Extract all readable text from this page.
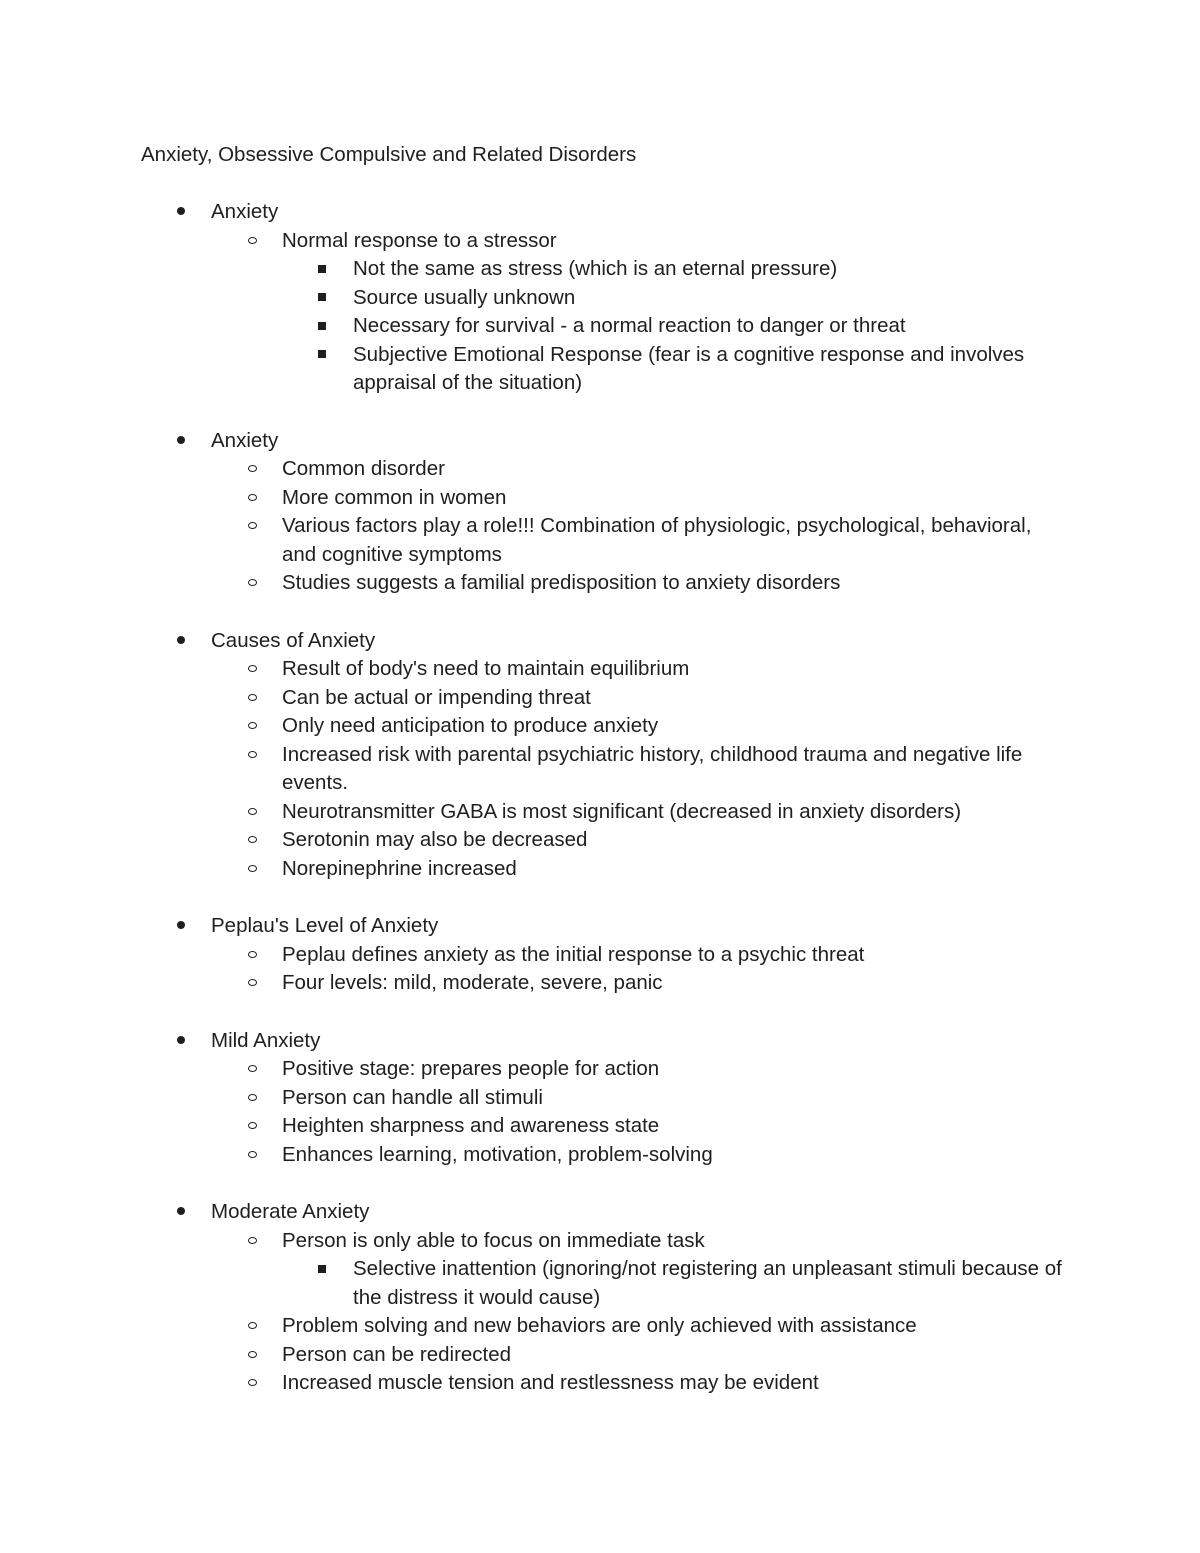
Anxiety, Obsessive Compulsive and Related Disorders
Anxiety
Normal response to a stressor
Not the same as stress (which is an eternal pressure)
Source usually unknown
Necessary for survival - a normal reaction to danger or threat
Subjective Emotional Response (fear is a cognitive response and involves appraisal of the situation)
Anxiety
Common disorder
More common in women
Various factors play a role!!! Combination of physiologic, psychological, behavioral, and cognitive symptoms
Studies suggests a familial predisposition to anxiety disorders
Causes of Anxiety
Result of body's need to maintain equilibrium
Can be actual or impending threat
Only need anticipation to produce anxiety
Increased risk with parental psychiatric history, childhood trauma and negative life events.
Neurotransmitter GABA is most significant (decreased in anxiety disorders)
Serotonin may also be decreased
Norepinephrine increased
Peplau's Level of Anxiety
Peplau defines anxiety as the initial response to a psychic threat
Four levels: mild, moderate, severe, panic
Mild Anxiety
Positive stage: prepares people for action
Person can handle all stimuli
Heighten sharpness and awareness state
Enhances learning, motivation, problem-solving
Moderate Anxiety
Person is only able to focus on immediate task
Selective inattention (ignoring/not registering an unpleasant stimuli because of the distress it would cause)
Problem solving and new behaviors are only achieved with assistance
Person can be redirected
Increased muscle tension and restlessness may be evident
